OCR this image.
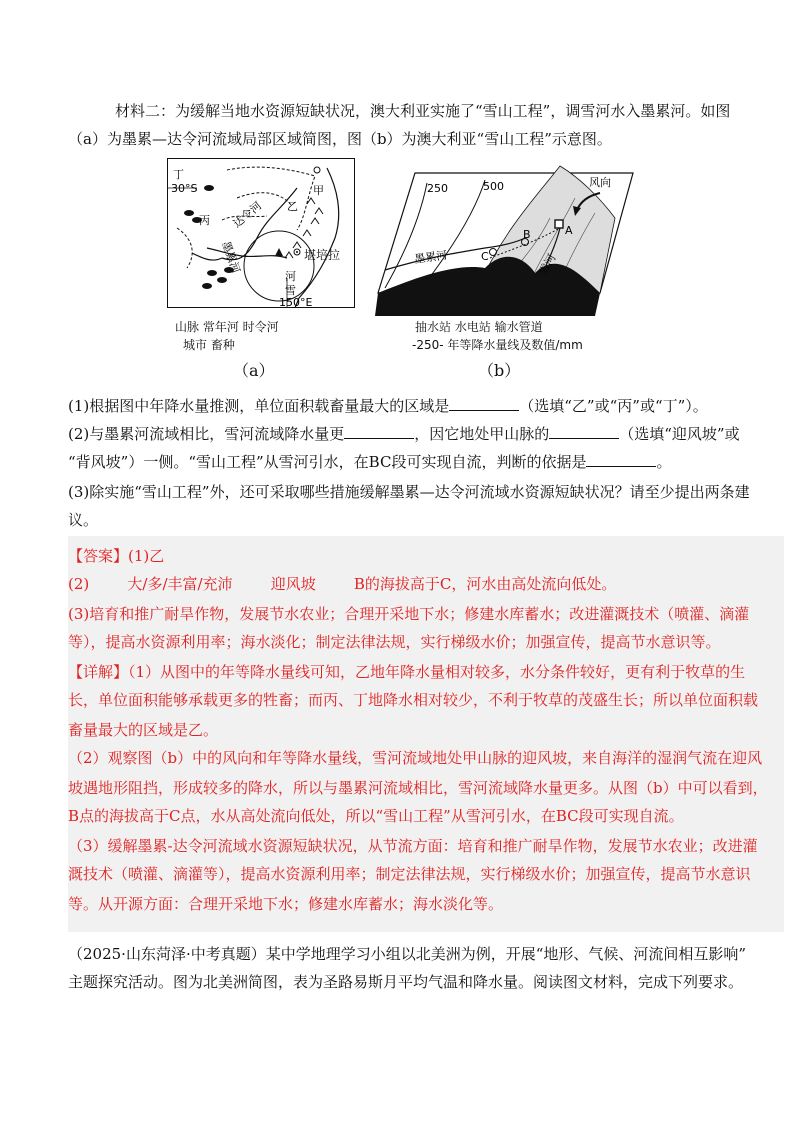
材料二：为缓解当地水资源短缺状况，澳大利亚实施了“雪山工程”，调雪河水入墨累河。如图
（a）为墨累—达令河流域局部区域简图，图（b）为澳大利亚“雪山工程”示意图。
丁
30°S
丙
甲
乙
达令河
墨累河
河
雪
150°E
堪培拉
山脉 常年河 时令河
城市 畜种
（a）
250	500	风向
墨累河	雪河
A
B
C
抽水站 水电站 输水管道
-250- 年等降水量线及数值/mm
（b）
(1)根据图中年降水量推测，单位面积载畜量最大的区域是	（选填“乙”或“丙”或“丁”）。
(2)与墨累河流域相比，雪河流域降水量更	，因它地处甲山脉的	（选填“迎风坡”或
“背风坡”）一侧。“雪山工程”从雪河引水，在BC段可实现自流，判断的依据是	。
(3)除实施“雪山工程”外，还可采取哪些措施缓解墨累—达令河流域水资源短缺状况？请至少提出两条建
议。
【答案】(1)乙
(2)        大/多/丰富/充沛        迎风坡        B的海拔高于C，河水由高处流向低处。
(3)培育和推广耐旱作物，发展节水农业；合理开采地下水；修建水库蓄水；改进灌溉技术（喷灌、滴灌
等），提高水资源利用率；海水淡化；制定法律法规，实行梯级水价；加强宣传，提高节水意识等。
【详解】（1）从图中的年等降水量线可知，乙地年降水量相对较多，水分条件较好，更有利于牧草的生
长，单位面积能够承载更多的牲畜；而丙、丁地降水相对较少，不利于牧草的茂盛生长；所以单位面积载
畜量最大的区域是乙。
（2）观察图（b）中的风向和年等降水量线，雪河流域地处甲山脉的迎风坡，来自海洋的湿润气流在迎风
坡遇地形阻挡，形成较多的降水，所以与墨累河流域相比，雪河流域降水量更多。从图（b）中可以看到，
B点的海拔高于C点，水从高处流向低处，所以“雪山工程”从雪河引水，在BC段可实现自流。
（3）缓解墨累-达令河流域水资源短缺状况，从节流方面：培育和推广耐旱作物，发展节水农业；改进灌
溉技术（喷灌、滴灌等），提高水资源利用率；制定法律法规，实行梯级水价；加强宣传，提高节水意识
等。从开源方面：合理开采地下水；修建水库蓄水；海水淡化等。
（2025·山东菏泽·中考真题）某中学地理学习小组以北美洲为例，开展“地形、气候、河流间相互影响”
主题探究活动。图为北美洲简图，表为圣路易斯月平均气温和降水量。阅读图文材料，完成下列要求。
